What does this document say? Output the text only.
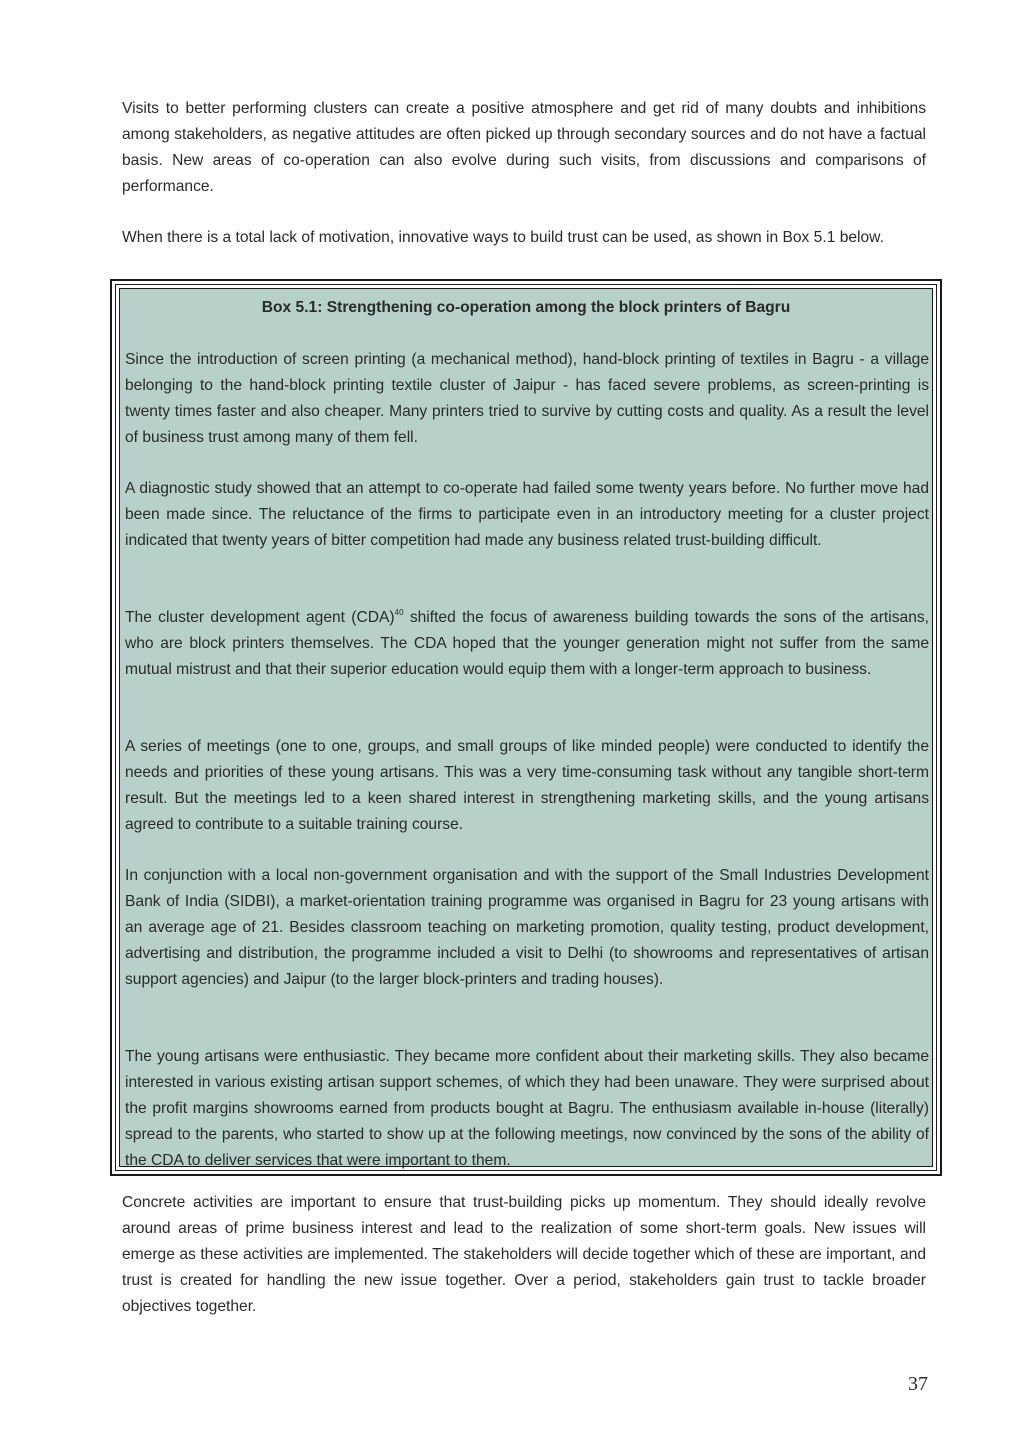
Visits to better performing clusters can create a positive atmosphere and get rid of many doubts and inhibitions among stakeholders, as negative attitudes are often picked up through secondary sources and do not have a factual basis. New areas of co-operation can also evolve during such visits, from discussions and comparisons of performance.

When there is a total lack of motivation, innovative ways to build trust can be used, as shown in Box 5.1 below.

Box 5.1: Strengthening co-operation among the block printers of Bagru

Since the introduction of screen printing (a mechanical method), hand-block printing of textiles in Bagru - a village belonging to the hand-block printing textile cluster of Jaipur - has faced severe problems, as screen-printing is twenty times faster and also cheaper. Many printers tried to survive by cutting costs and quality. As a result the level of business trust among many of them fell.

A diagnostic study showed that an attempt to co-operate had failed some twenty years before. No further move had been made since. The reluctance of the firms to participate even in an introductory meeting for a cluster project indicated that twenty years of bitter competition had made any business related trust-building difficult.

The cluster development agent (CDA)$^{40}$ shifted the focus of awareness building towards the sons of the artisans, who are block printers themselves. The CDA hoped that the younger generation might not suffer from the same mutual mistrust and that their superior education would equip them with a longer-term approach to business.

A series of meetings (one to one, groups, and small groups of like minded people) were conducted to identify the needs and priorities of these young artisans. This was a very time-consuming task without any tangible short-term result. But the meetings led to a keen shared interest in strengthening marketing skills, and the young artisans agreed to contribute to a suitable training course.

In conjunction with a local non-government organisation and with the support of the Small Industries Development Bank of India (SIDBI), a market-orientation training programme was organised in Bagru for 23 young artisans with an average age of 21. Besides classroom teaching on marketing promotion, quality testing, product development, advertising and distribution, the programme included a visit to Delhi (to showrooms and representatives of artisan support agencies) and Jaipur (to the larger block-printers and trading houses).

The young artisans were enthusiastic. They became more confident about their marketing skills. They also became interested in various existing artisan support schemes, of which they had been unaware. They were surprised about the profit margins showrooms earned from products bought at Bagru. The enthusiasm available in-house (literally) spread to the parents, who started to show up at the following meetings, now convinced by the sons of the ability of the CDA to deliver services that were important to them.

Concrete activities are important to ensure that trust-building picks up momentum. They should ideally revolve around areas of prime business interest and lead to the realization of some short-term goals. New issues will emerge as these activities are implemented. The stakeholders will decide together which of these are important, and trust is created for handling the new issue together. Over a period, stakeholders gain trust to tackle broader objectives together.

37
